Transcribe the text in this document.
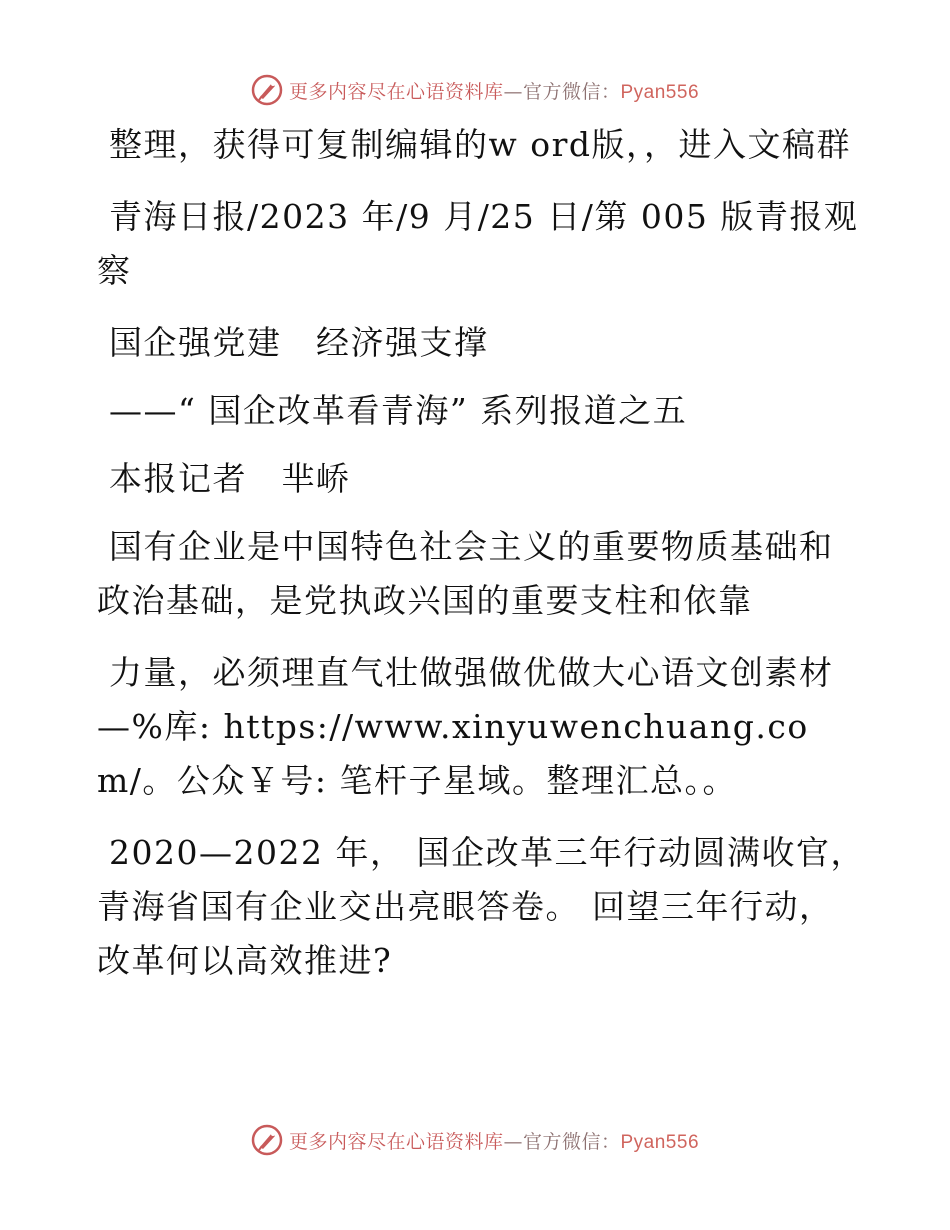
更多内容尽在心语资料库—官方微信：Pyan556

整理，获得可复制编辑的w ord版，，进入文稿群

青海日报/2023 年/9 月/25 日/第 005 版青报观察

国企强党建　经济强支撑

——“ 国企改革看青海” 系列报道之五

本报记者　芈峤

国有企业是中国特色社会主义的重要物质基础和政治基础，是党执政兴国的重要支柱和依靠

力量，必须理直气壮做强做优做大心语文创素材—%库: https://www.xinyuwenchuang.com/。公众￥号: 笔杆子星域。整理汇总。。

2020—2022 年， 国企改革三年行动圆满收官，青海省国有企业交出亮眼答卷。 回望三年行动，改革何以高效推进?

更多内容尽在心语资料库—官方微信：Pyan556
